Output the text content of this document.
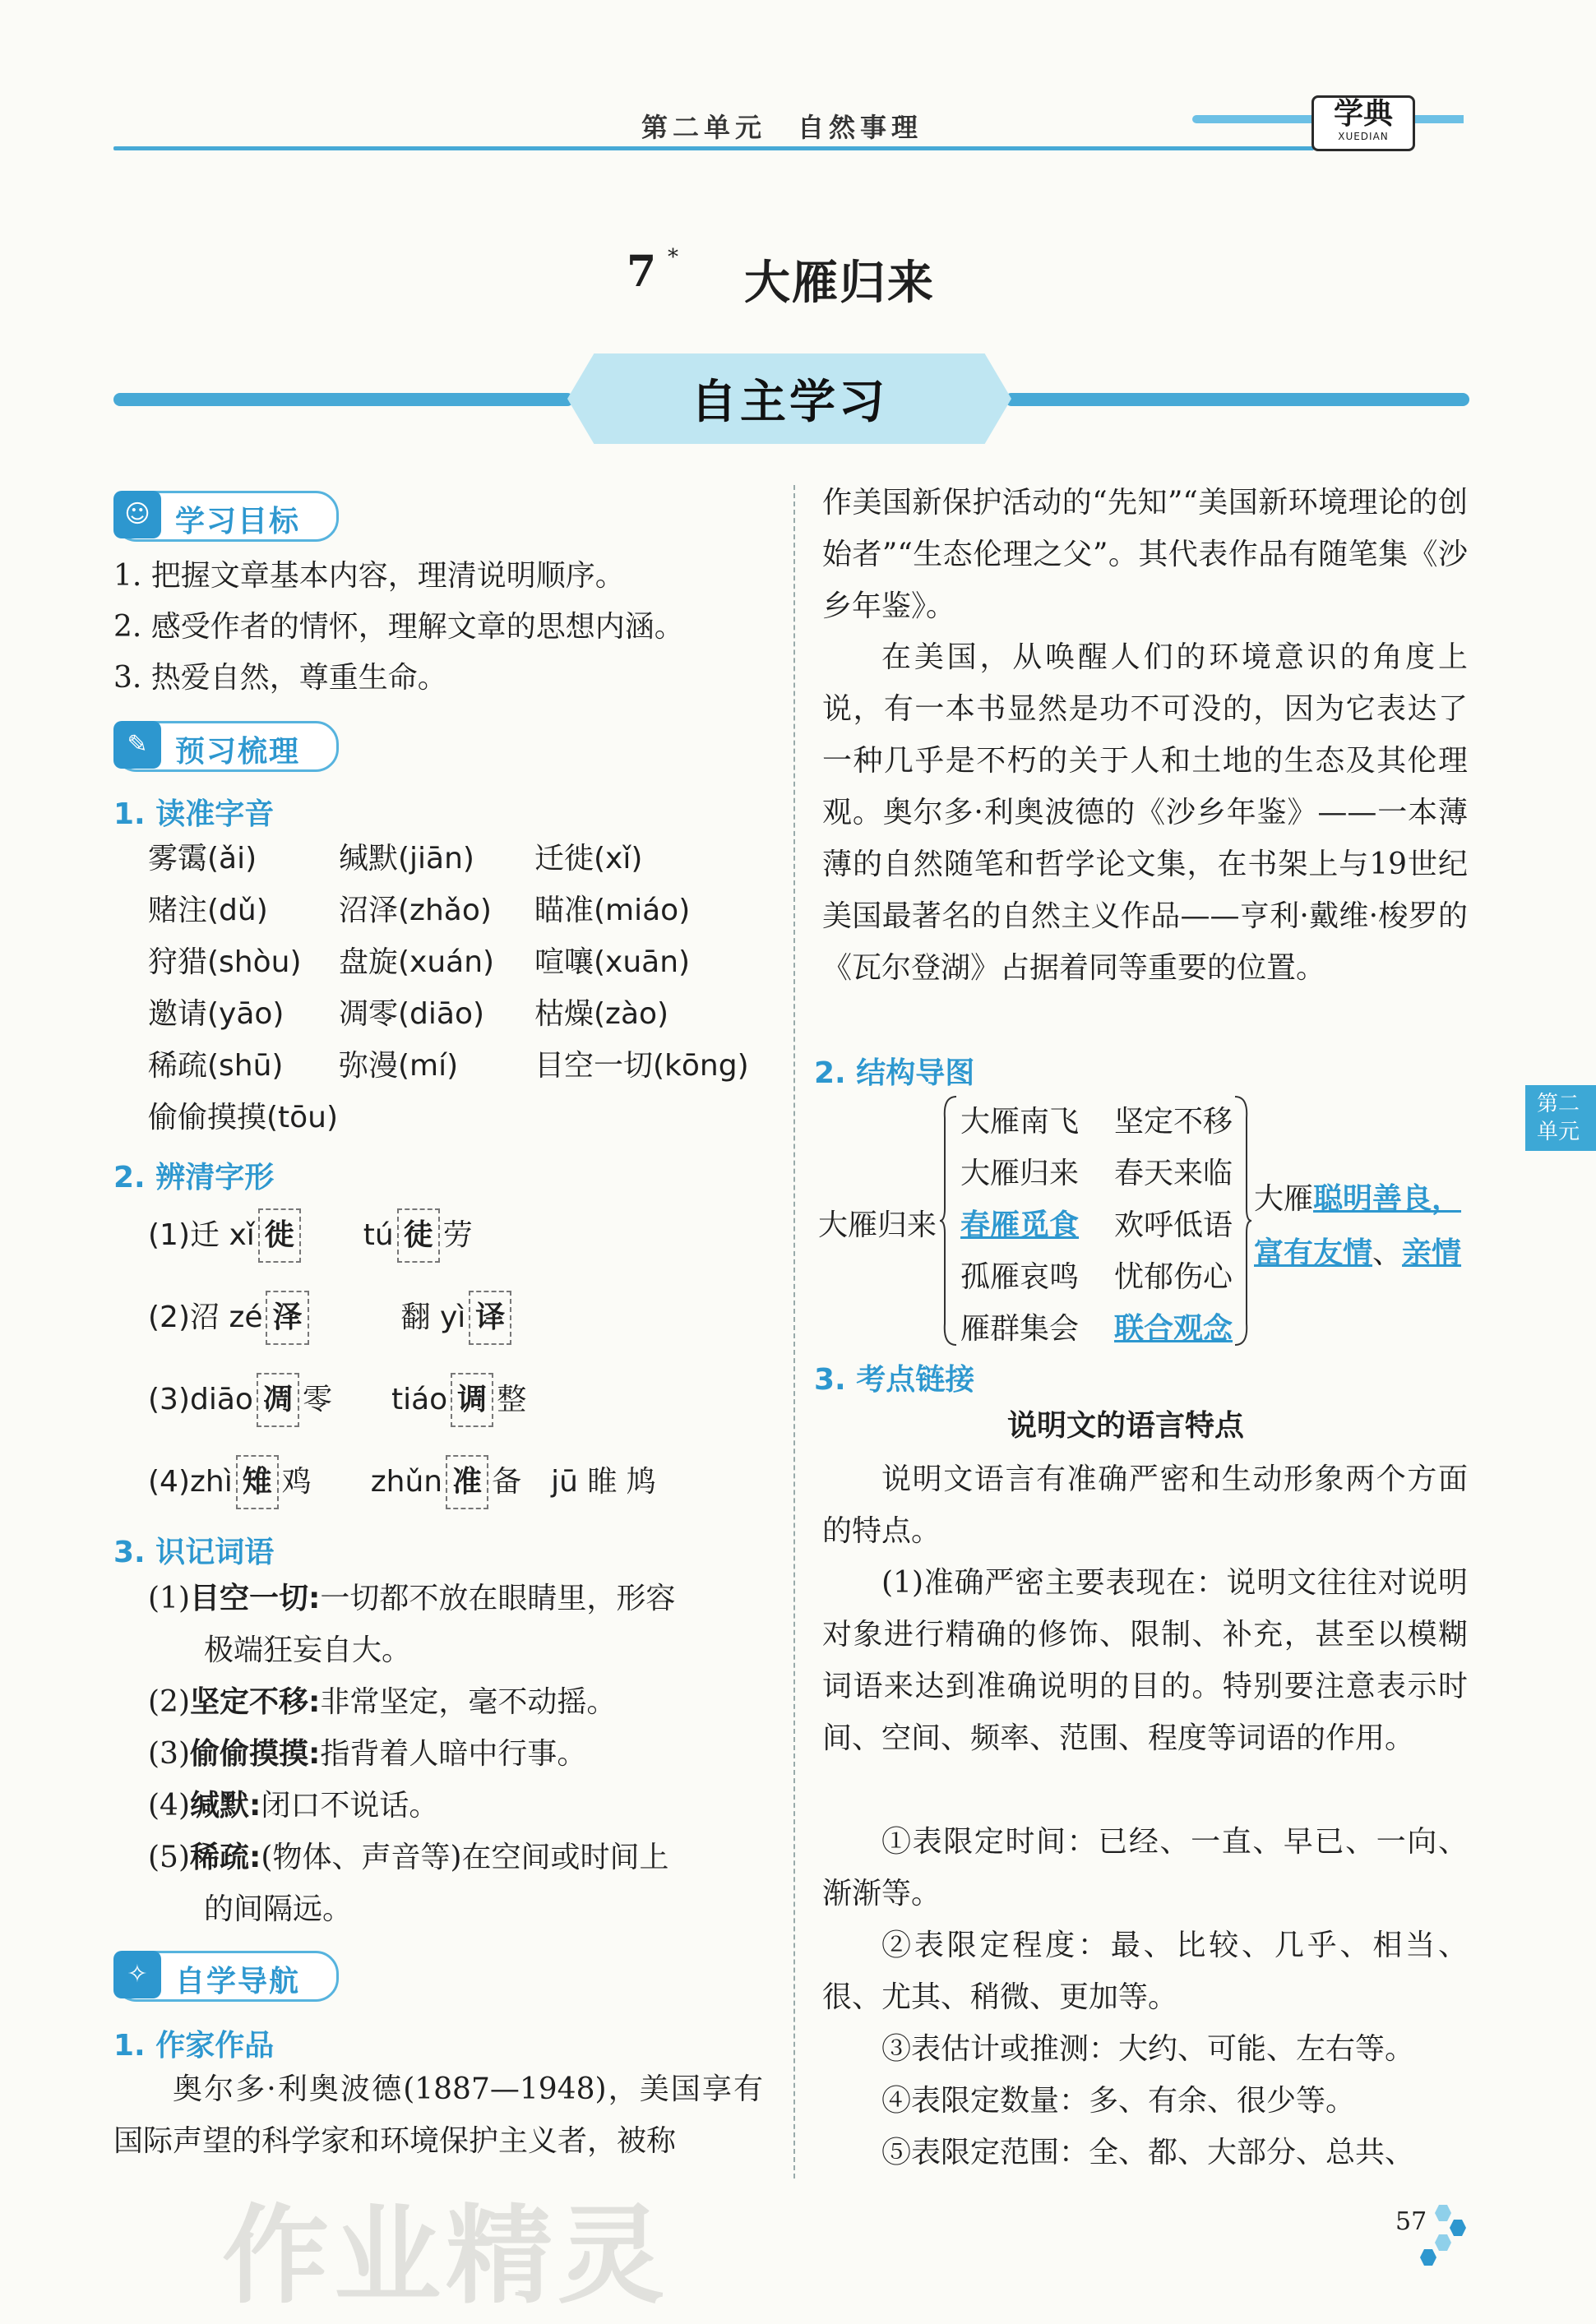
第二单元　自然事理	学典
XUEDIAN
7 * 大雁归来
自主学习
第二单元
☺ 学习目标
1. 把握文章基本内容，理清说明顺序。
2. 感受作者的情怀，理解文章的思想内涵。
3. 热爱自然，尊重生命。
✎ 预习梳理
1. 读准字音
雾霭(ǎi)	缄默(jiān) 迁徙(xǐ)
赌注(dǔ) 沼泽(zhǎo) 瞄准(miáo)
狩猎(shòu) 盘旋(xuán) 喧嚷(xuān)
邀请(yāo) 凋零(diāo) 枯燥(zào)
稀疏(shū) 弥漫(mí)	目空一切(kōng)
偷偷摸摸(tōu)
2. 辨清字形
(1)迁 xǐ 徙　　 tú 徒 劳
(2)沼 zé 泽　　　	翻 yì 译
(3)diāo 凋 零　　tiáo 调 整
(4)zhì 雉 鸡　　zhǔn 准 备　jū 睢 鸠
3. 识记词语
(1)目空一切:一切都不放在眼睛里，形容
极端狂妄自大。
(2)坚定不移:非常坚定，毫不动摇。
(3)偷偷摸摸:指背着人暗中行事。
(4)缄默:闭口不说话。
(5)稀疏:(物体、声音等)在空间或时间上
的间隔远。
✧ 自学导航
1. 作家作品
奥尔多·利奥波德(1887—1948)，美国享有国际声望的科学家和环境保护主义者，被称
作美国新保护活动的“先知”“美国新环境理论的创始者”“生态伦理之父”。其代表作品有随笔集《沙乡年鉴》。
在美国，从唤醒人们的环境意识的角度上说，有一本书显然是功不可没的，因为它表达了一种几乎是不朽的关于人和土地的生态及其伦理观。奥尔多·利奥波德的《沙乡年鉴》——一本薄薄的自然随笔和哲学论文集，在书架上与19世纪美国最著名的自然主义作品——亨利·戴维·梭罗的《瓦尔登湖》占据着同等重要的位置。
2. 结构导图
大雁归来
大雁南飞
大雁归来
春雁觅食
孤雁哀鸣
雁群集会
坚定不移
春天来临
欢呼低语
忧郁伤心
联合观念
大雁聪明善良，
富有友情、亲情
3. 考点链接
说明文的语言特点
说明文语言有准确严密和生动形象两个方面的特点。
(1)准确严密主要表现在：说明文往往对说明对象进行精确的修饰、限制、补充，甚至以模糊词语来达到准确说明的目的。特别要注意表示时间、空间、频率、范围、程度等词语的作用。
①表限定时间：已经、一直、早已、一向、渐渐等。
②表限定程度：最、比较、几乎、相当、很、尤其、稍微、更加等。
③表估计或推测：大约、可能、左右等。
④表限定数量：多、有余、很少等。
⑤表限定范围：全、都、大部分、总共、
作业精灵	57
